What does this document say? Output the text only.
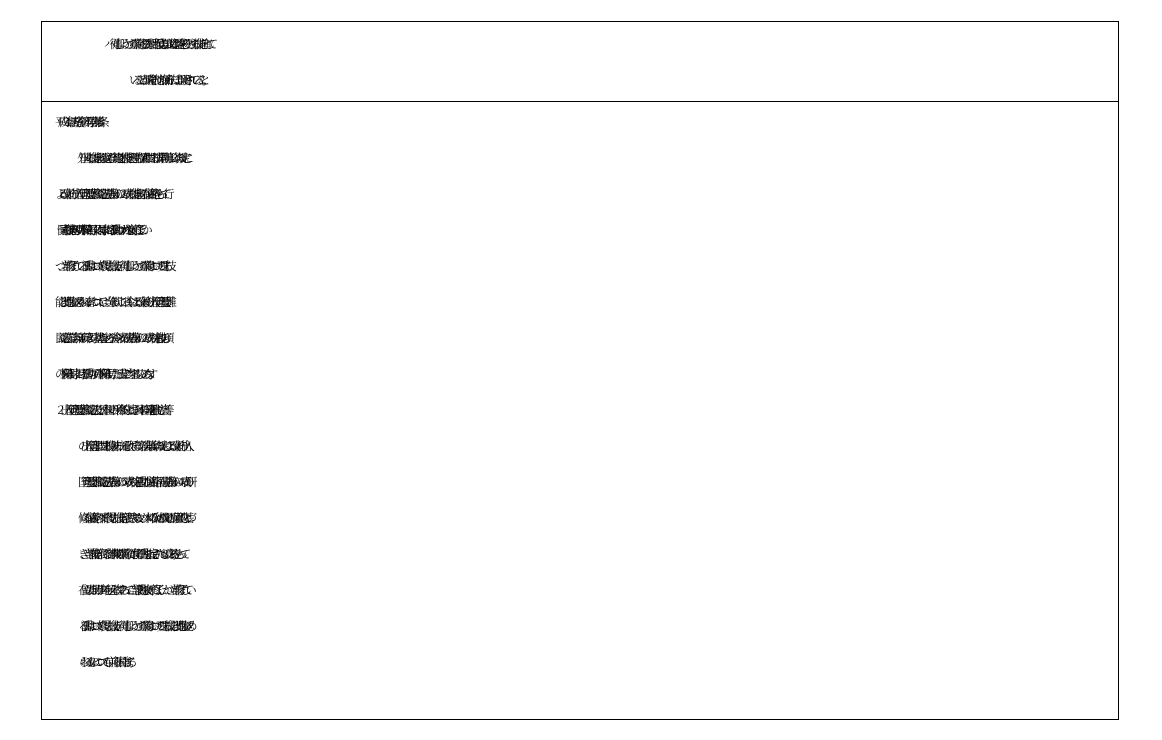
ハ　従事しようとする業務に必要な相当程度の知識又は経験を必要とする技能を有して
いることが試験その他の評価方法により証明されていること。
平成３１年法務省令第７号附則第８条
外国人の技能実習の適正な実施及び技能実習生の保護に関する法律附則第１２条の規定に
よる改正前の出入国管理及び難民認定法別表第１の２の表の技能実習の在留資格をもって行
う同表の技能実習の項の下欄第２号イ又は同号ロに掲げる活動のいずれかを良好に修了し、か
つ、当該修了している活動において修得した技能が、従事しようとする業務において要する技
能と関連性が認められる者については、当分の間、この省令による改正後の出入国管理及び難
民認定法第７条第１項第２号の基準を定める省令の表の法別表第１の２の表の特定技能の項
の下欄第１号に掲げる活動の項の下欄第１号ただし書に該当するものとみなす。
２　出入国管理及び難民認定法及び日本国との平和条約に基づき日本の国籍を離脱した者等
の出入国管理に関する特例法の一部を改正する等の法律第１条の規定による改正前の出入
国管理及び難民認定法別表第１の５の表の特定活動の在留資格（同法別表第１の４の表の研
修の在留資格の下で修得した技能等に習熟するため、本邦の公私の機関との雇用契約に基づ
き、当該技能等に係る当該機関の業務に従事する活動を指定されたものに限る。）をもって
在留した期間が１年を超える者であって、当該活動を良好に修了し、かつ、当該修了してい
る活動において修得した技能が、従事しようとする業務において要する技能と関連性が認め
られるものについても、前項と同様とする。
